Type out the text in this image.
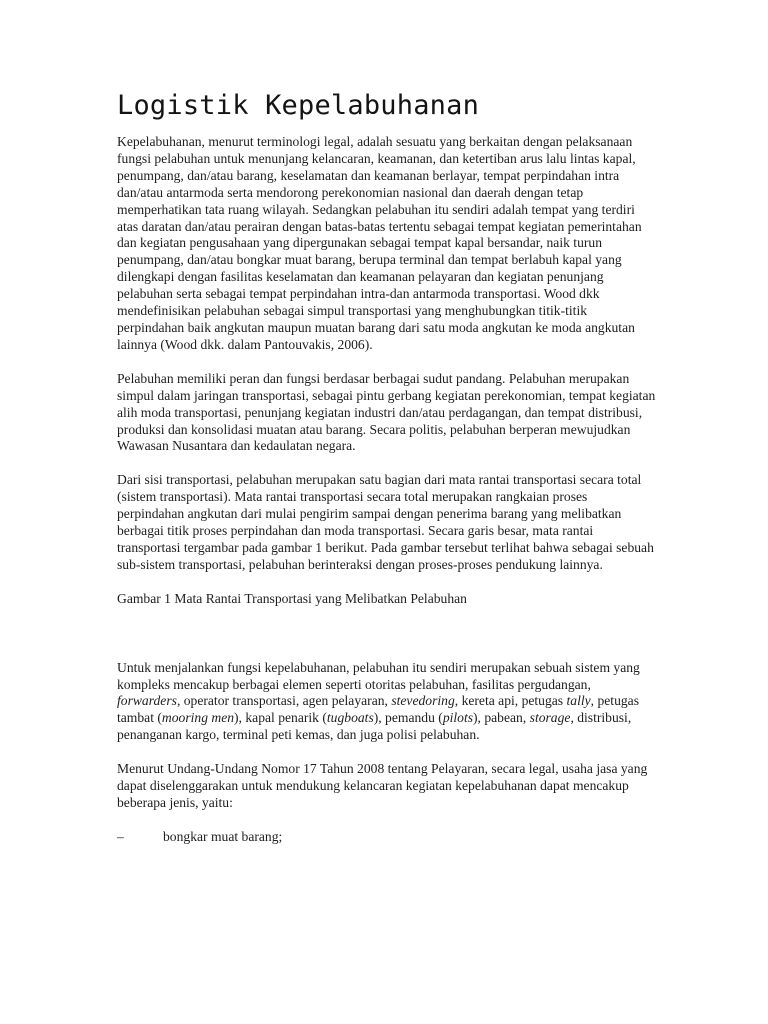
Logistik Kepelabuhanan

Kepelabuhanan, menurut terminologi legal, adalah sesuatu yang berkaitan dengan pelaksanaan fungsi pelabuhan untuk menunjang kelancaran, keamanan, dan ketertiban arus lalu lintas kapal, penumpang, dan/atau barang, keselamatan dan keamanan berlayar, tempat perpindahan intra dan/atau antarmoda serta mendorong perekonomian nasional dan daerah dengan tetap memperhatikan tata ruang wilayah. Sedangkan pelabuhan itu sendiri adalah tempat yang terdiri atas daratan dan/atau perairan dengan batas-batas tertentu sebagai tempat kegiatan pemerintahan dan kegiatan pengusahaan yang dipergunakan sebagai tempat kapal bersandar, naik turun penumpang, dan/atau bongkar muat barang, berupa terminal dan tempat berlabuh kapal yang dilengkapi dengan fasilitas keselamatan dan keamanan pelayaran dan kegiatan penunjang pelabuhan serta sebagai tempat perpindahan intra-dan antarmoda transportasi. Wood dkk mendefinisikan pelabuhan sebagai simpul transportasi yang menghubungkan titik-titik perpindahan baik angkutan maupun muatan barang dari satu moda angkutan ke moda angkutan lainnya (Wood dkk. dalam Pantouvakis, 2006).

Pelabuhan memiliki peran dan fungsi berdasar berbagai sudut pandang. Pelabuhan merupakan simpul dalam jaringan transportasi, sebagai pintu gerbang kegiatan perekonomian, tempat kegiatan alih moda transportasi, penunjang kegiatan industri dan/atau perdagangan, dan tempat distribusi, produksi dan konsolidasi muatan atau barang. Secara politis, pelabuhan berperan mewujudkan Wawasan Nusantara dan kedaulatan negara.

Dari sisi transportasi, pelabuhan merupakan satu bagian dari mata rantai transportasi secara total (sistem transportasi). Mata rantai transportasi secara total merupakan rangkaian proses perpindahan angkutan dari mulai pengirim sampai dengan penerima barang yang melibatkan berbagai titik proses perpindahan dan moda transportasi. Secara garis besar, mata rantai transportasi tergambar pada gambar 1 berikut. Pada gambar tersebut terlihat bahwa sebagai sebuah sub-sistem transportasi, pelabuhan berinteraksi dengan proses-proses pendukung lainnya.

Gambar 1 Mata Rantai Transportasi yang Melibatkan Pelabuhan

Untuk menjalankan fungsi kepelabuhanan, pelabuhan itu sendiri merupakan sebuah sistem yang kompleks mencakup berbagai elemen seperti otoritas pelabuhan, fasilitas pergudangan, forwarders, operator transportasi, agen pelayaran, stevedoring, kereta api, petugas tally, petugas tambat (mooring men), kapal penarik (tugboats), pemandu (pilots), pabean, storage, distribusi, penanganan kargo, terminal peti kemas, dan juga polisi pelabuhan.

Menurut Undang-Undang Nomor 17 Tahun 2008 tentang Pelayaran, secara legal, usaha jasa yang dapat diselenggarakan untuk mendukung kelancaran kegiatan kepelabuhanan dapat mencakup beberapa jenis, yaitu:

–	bongkar muat barang;
